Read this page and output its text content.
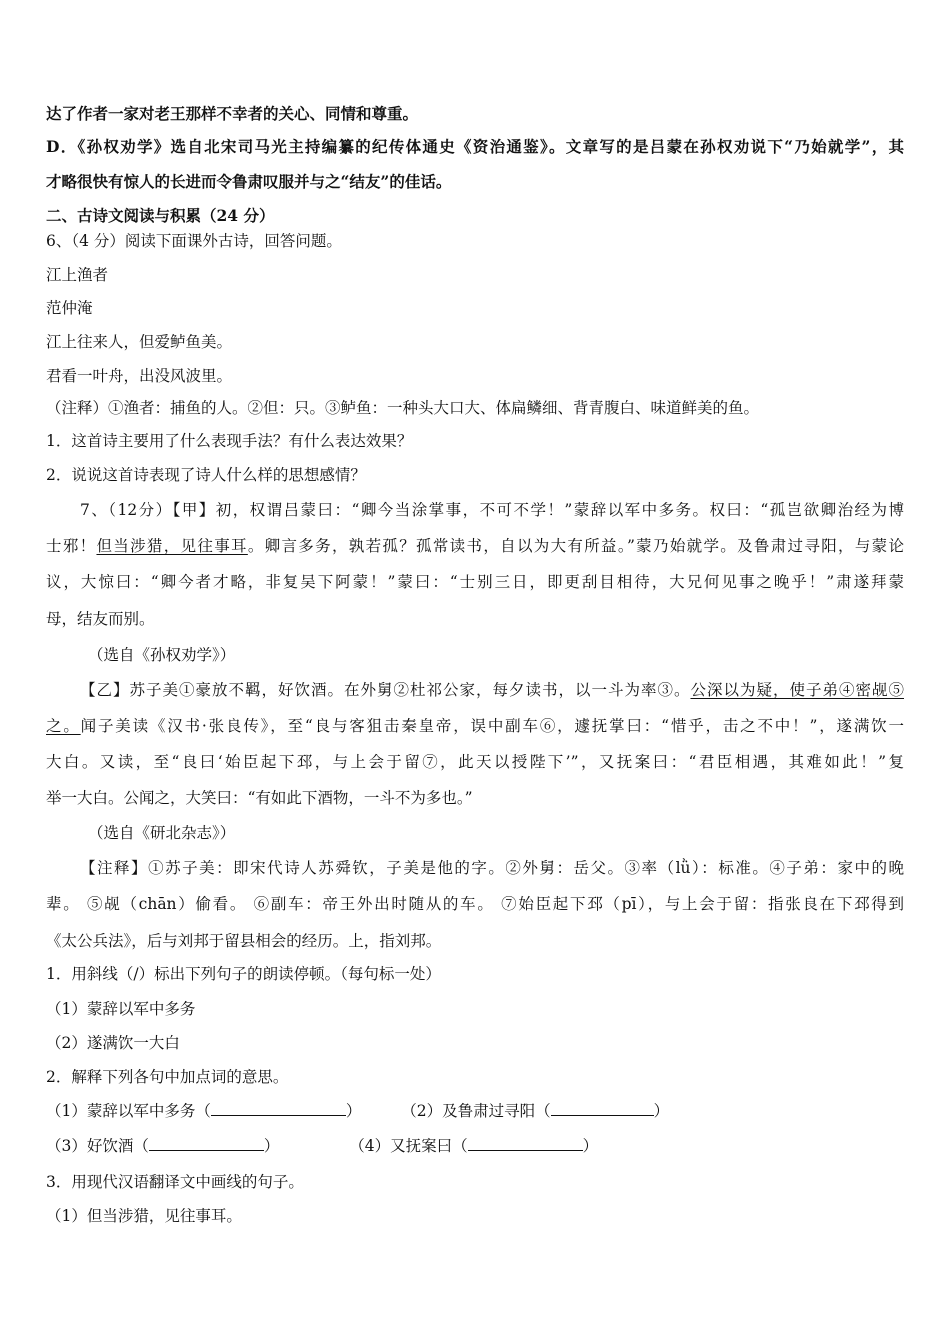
达了作者一家对老王那样不幸者的关心、同情和尊重。
D．《孙权劝学》选自北宋司马光主持编纂的纪传体通史《资治通鉴》。文章写的是吕蒙在孙权劝说下“乃始就学”，其
才略很快有惊人的长进而令鲁肃叹服并与之“结友”的佳话。
二、古诗文阅读与积累（24 分）
6、（4 分）阅读下面课外古诗，回答问题。
江上渔者
范仲淹
江上往来人，但爱鲈鱼美。
君看一叶舟，出没风波里。
（注释）①渔者：捕鱼的人。②但：只。③鲈鱼：一种头大口大、体扁鳞细、背青腹白、味道鲜美的鱼。
1．这首诗主要用了什么表现手法？有什么表达效果？
2．说说这首诗表现了诗人什么样的思想感情？
7、（12分）【甲】初，权谓吕蒙曰：“卿今当涂掌事，不可不学！”蒙辞以军中多务。权曰：“孤岂欲卿治经为博
士邪！但当涉猎，见往事耳。卿言多务，孰若孤？孤常读书，自以为大有所益。”蒙乃始就学。及鲁肃过寻阳，与蒙论
议，大惊曰：“卿今者才略，非复吴下阿蒙！”蒙曰：“士别三日，即更刮目相待，大兄何见事之晚乎！”肃遂拜蒙
母，结友而别。
（选自《孙权劝学》）
【乙】苏子美①豪放不羁，好饮酒。在外舅②杜祁公家，每夕读书，以一斗为率③。公深以为疑，使子弟④密觇⑤
之。闻子美读《汉书·张良传》，至“良与客狙击秦皇帝，误中副车⑥，遽抚掌曰：“惜乎，击之不中！”，遂满饮一
大白。又读，至“良曰‘始臣起下邳，与上会于留⑦，此天以授陛下’”，又抚案曰：“君臣相遇，其难如此！”复
举一大白。公闻之，大笑曰：“有如此下酒物，一斗不为多也。”
（选自《研北杂志》）
【注释】①苏子美：即宋代诗人苏舜钦，子美是他的字。②外舅：岳父。③率（lǜ）：标准。④子弟：家中的晚
辈。 ⑤觇（chān）偷看。 ⑥副车：帝王外出时随从的车。 ⑦始臣起下邳（pī），与上会于留：指张良在下邳得到
《太公兵法》，后与刘邦于留县相会的经历。上，指刘邦。
1．用斜线（/）标出下列句子的朗读停顿。（每句标一处）
（1）蒙辞以军中多务
（2）遂满饮一大白
2．解释下列各句中加点词的意思。
（1）蒙辞以军中多务（	）	（2）及鲁肃过寻阳（	）
（3）好饮酒（	）	（4）又抚案曰（	）
3．用现代汉语翻译文中画线的句子。
（1）但当涉猎，见往事耳。
